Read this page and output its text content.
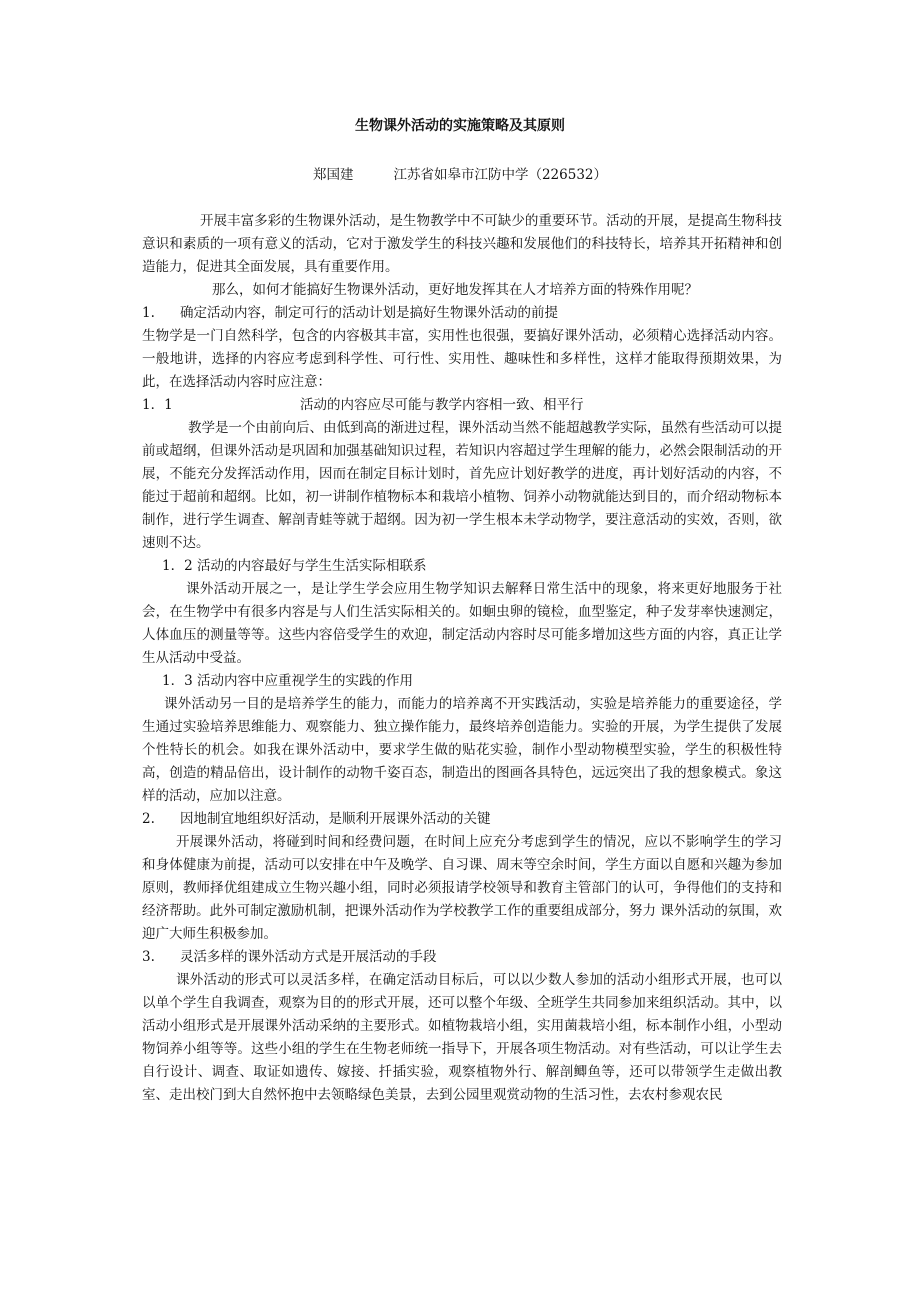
生物课外活动的实施策略及其原则
郑国建	江苏省如皋市江防中学（226532）

开展丰富多彩的生物课外活动，是生物教学中不可缺少的重要环节。活动的开展，是提高生物科技意识和素质的一项有意义的活动，它对于激发学生的科技兴趣和发展他们的科技特长，培养其开拓精神和创造能力，促进其全面发展，具有重要作用。

那么，如何才能搞好生物课外活动，更好地发挥其在人才培养方面的特殊作用呢？

1. 确定活动内容，制定可行的活动计划是搞好生物课外活动的前提

生物学是一门自然科学，包含的内容极其丰富，实用性也很强，要搞好课外活动，必须精心选择活动内容。一般地讲，选择的内容应考虑到科学性、可行性、实用性、趣味性和多样性，这样才能取得预期效果，为此，在选择活动内容时应注意：

1．1	活动的内容应尽可能与教学内容相一致、相平行

教学是一个由前向后、由低到高的渐进过程，课外活动当然不能超越教学实际，虽然有些活动可以提前或超纲，但课外活动是巩固和加强基础知识过程，若知识内容超过学生理解的能力，必然会限制活动的开展，不能充分发挥活动作用，因而在制定目标计划时，首先应计划好教学的进度，再计划好活动的内容，不能过于超前和超纲。比如，初一讲制作植物标本和栽培小植物、饲养小动物就能达到目的，而介绍动物标本制作，进行学生调查、解剖青蛙等就于超纲。因为初一学生根本未学动物学，要注意活动的实效，否则，欲速则不达。

1．2 活动的内容最好与学生生活实际相联系

课外活动开展之一，是让学生学会应用生物学知识去解释日常生活中的现象，将来更好地服务于社会，在生物学中有很多内容是与人们生活实际相关的。如蛔虫卵的镜检，血型鉴定，种子发芽率快速测定，人体血压的测量等等。这些内容倍受学生的欢迎，制定活动内容时尽可能多增加这些方面的内容，真正让学生从活动中受益。

1．3 活动内容中应重视学生的实践的作用

课外活动另一目的是培养学生的能力，而能力的培养离不开实践活动，实验是培养能力的重要途径，学生通过实验培养思维能力、观察能力、独立操作能力，最终培养创造能力。实验的开展，为学生提供了发展个性特长的机会。如我在课外活动中，要求学生做的贴花实验，制作小型动物模型实验，学生的积极性特高，创造的精品倍出，设计制作的动物千姿百态，制造出的图画各具特色，远远突出了我的想象模式。象这样的活动，应加以注意。

2. 因地制宜地组织好活动，是顺利开展课外活动的关键

开展课外活动，将碰到时间和经费问题，在时间上应充分考虑到学生的情况，应以不影响学生的学习和身体健康为前提，活动可以安排在中午及晚学、自习课、周末等空余时间，学生方面以自愿和兴趣为参加原则，教师择优组建成立生物兴趣小组，同时必须报请学校领导和教育主管部门的认可，争得他们的支持和经济帮助。此外可制定激励机制，把课外活动作为学校教学工作的重要组成部分，努力 课外活动的氛围，欢迎广大师生积极参加。

3. 灵活多样的课外活动方式是开展活动的手段

课外活动的形式可以灵活多样，在确定活动目标后，可以以少数人参加的活动小组形式开展，也可以以单个学生自我调查，观察为目的的形式开展，还可以整个年级、全班学生共同参加来组织活动。其中，以活动小组形式是开展课外活动采纳的主要形式。如植物栽培小组，实用菌栽培小组，标本制作小组，小型动物饲养小组等等。这些小组的学生在生物老师统一指导下，开展各项生物活动。对有些活动，可以让学生去自行设计、调查、取证如遗传、嫁接、扦插实验，观察植物外行、解剖鲫鱼等，还可以带领学生走做出教室、走出校门到大自然怀抱中去领略绿色美景，去到公园里观赏动物的生活习性，去农村参观农民
